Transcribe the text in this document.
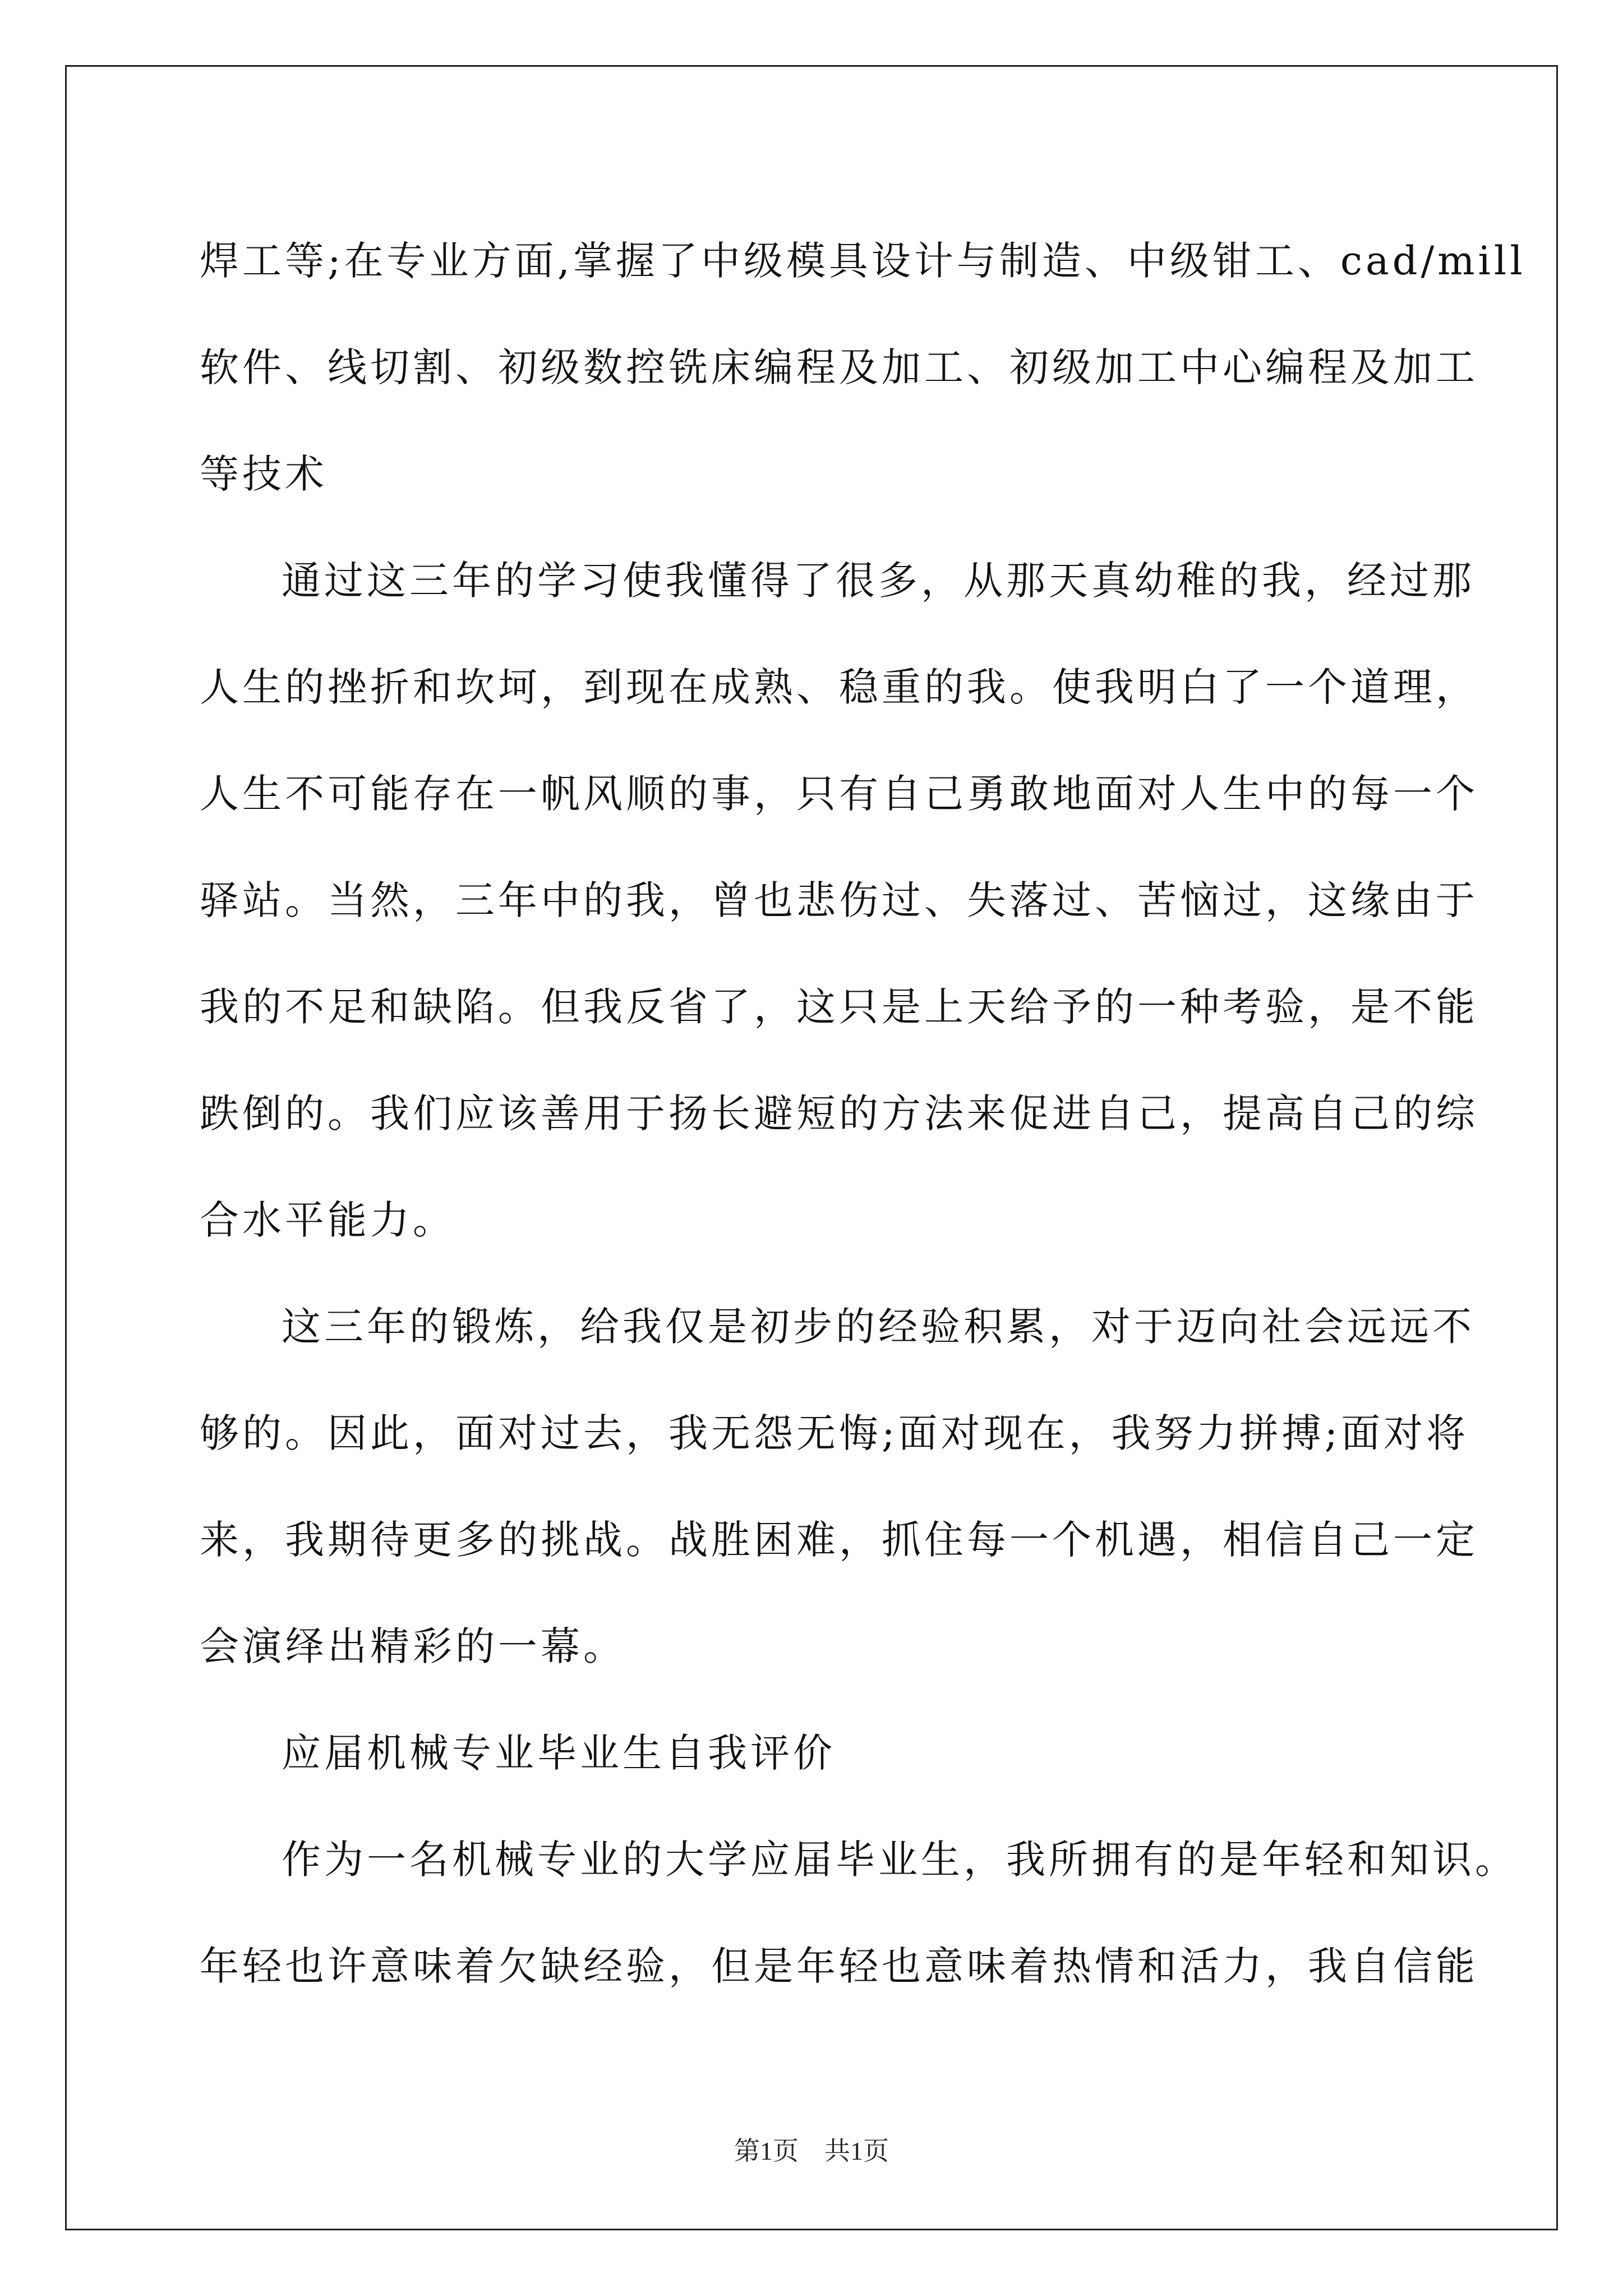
焊工等;在专业方面,掌握了中级模具设计与制造、中级钳工、cad/mill
软件、线切割、初级数控铣床编程及加工、初级加工中心编程及加工
等技术
通过这三年的学习使我懂得了很多，从那天真幼稚的我，经过那
人生的挫折和坎坷，到现在成熟、稳重的我。使我明白了一个道理，
人生不可能存在一帆风顺的事，只有自己勇敢地面对人生中的每一个
驿站。当然，三年中的我，曾也悲伤过、失落过、苦恼过，这缘由于
我的不足和缺陷。但我反省了，这只是上天给予的一种考验，是不能
跌倒的。我们应该善用于扬长避短的方法来促进自己，提高自己的综
合水平能力。
这三年的锻炼，给我仅是初步的经验积累，对于迈向社会远远不
够的。因此，面对过去，我无怨无悔;面对现在，我努力拼搏;面对将
来，我期待更多的挑战。战胜困难，抓住每一个机遇，相信自己一定
会演绎出精彩的一幕。
应届机械专业毕业生自我评价
作为一名机械专业的大学应届毕业生，我所拥有的是年轻和知识。
年轻也许意味着欠缺经验，但是年轻也意味着热情和活力，我自信能
第1页    共1页
